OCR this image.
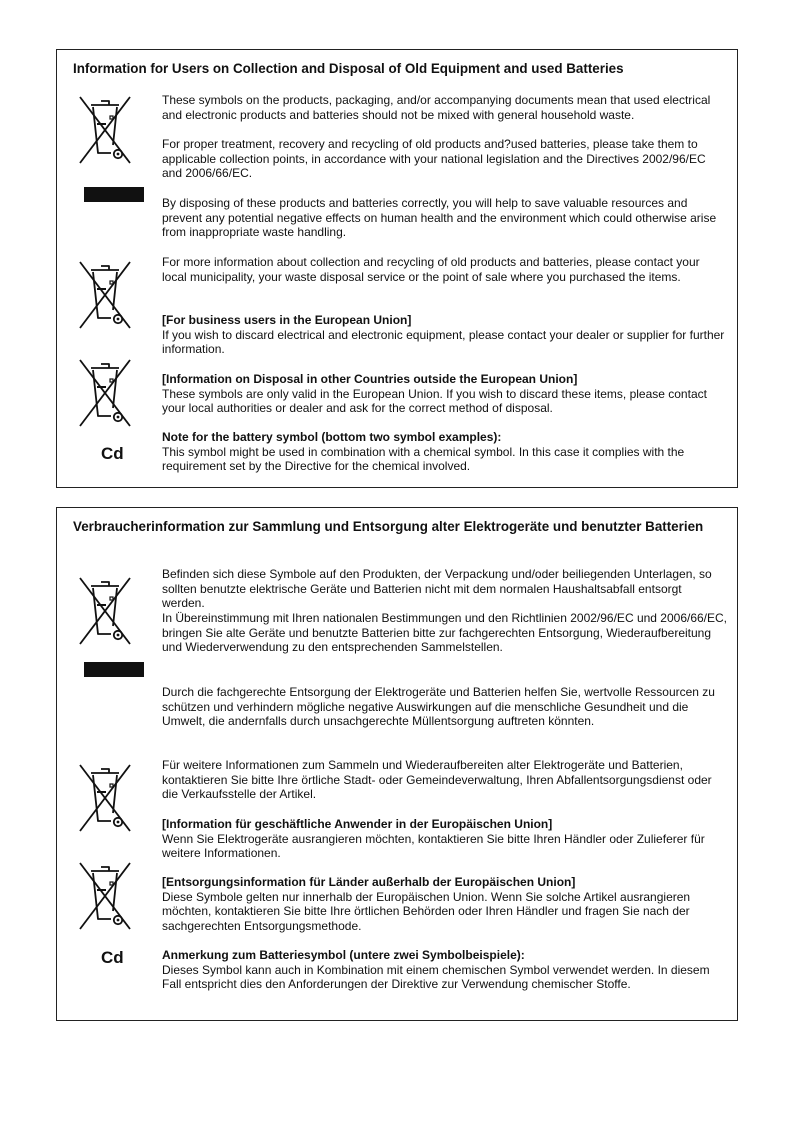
Information for Users on Collection and Disposal of Old Equipment and used Batteries
Cd

These symbols on the products, packaging, and/or accompanying documents mean that used electrical and electronic products and batteries should not be mixed with general household waste.

For proper treatment, recovery and recycling of old products and?used batteries, please take them to applicable collection points, in accordance with your national legislation and the Directives 2002/96/EC and 2006/66/EC.

By disposing of these products and batteries correctly, you will help to save valuable resources and prevent any potential negative effects on human health and the environment which could otherwise arise from inappropriate waste handling.

For more information about collection and recycling of old products and batteries, please contact your local municipality, your waste disposal service or the point of sale where you purchased the items.

[For business users in the European Union]
If you wish to discard electrical and electronic equipment, please contact your dealer or supplier for further information.
[Information on Disposal in other Countries outside the European Union]
These symbols are only valid in the European Union. If you wish to discard these items, please contact your local authorities or dealer and ask for the correct method of disposal.
Note for the battery symbol (bottom two symbol examples):
This symbol might be used in combination with a chemical symbol. In this case it complies with the requirement set by the Directive for the chemical involved.
Verbraucherinformation zur Sammlung und Entsorgung alter Elektrogeräte und benutzter Batterien
Cd

Befinden sich diese Symbole auf den Produkten, der Verpackung und/oder beiliegenden Unterlagen, so sollten benutzte elektrische Geräte und Batterien nicht mit dem normalen Haushaltsabfall entsorgt werden.

In Übereinstimmung mit Ihren nationalen Bestimmungen und den Richtlinien 2002/96/EC und 2006/66/EC, bringen Sie alte Geräte und benutzte Batterien bitte zur fachgerechten Entsorgung, Wiederaufbereitung und Wiederverwendung zu den entsprechenden Sammelstellen.

Durch die fachgerechte Entsorgung der Elektrogeräte und Batterien helfen Sie, wertvolle Ressourcen zu schützen und verhindern mögliche negative Auswirkungen auf die menschliche Gesundheit und die Umwelt, die andernfalls durch unsachgerechte Müllentsorgung auftreten könnten.

Für weitere Informationen zum Sammeln und Wiederaufbereiten alter Elektrogeräte und Batterien, kontaktieren Sie bitte Ihre örtliche Stadt- oder Gemeindeverwaltung, Ihren Abfallentsorgungsdienst oder die Verkaufsstelle der Artikel.

[Information für geschäftliche Anwender in der Europäischen Union]
Wenn Sie Elektrogeräte ausrangieren möchten, kontaktieren Sie bitte Ihren Händler oder Zulieferer für weitere Informationen.
[Entsorgungsinformation für Länder außerhalb der Europäischen Union]
Diese Symbole gelten nur innerhalb der Europäischen Union. Wenn Sie solche Artikel ausrangieren möchten, kontaktieren Sie bitte Ihre örtlichen Behörden oder Ihren Händler und fragen Sie nach der sachgerechten Entsorgungsmethode.
Anmerkung zum Batteriesymbol (untere zwei Symbolbeispiele):
Dieses Symbol kann auch in Kombination mit einem chemischen Symbol verwendet werden. In diesem Fall entspricht dies den Anforderungen der Direktive zur Verwendung chemischer Stoffe.
